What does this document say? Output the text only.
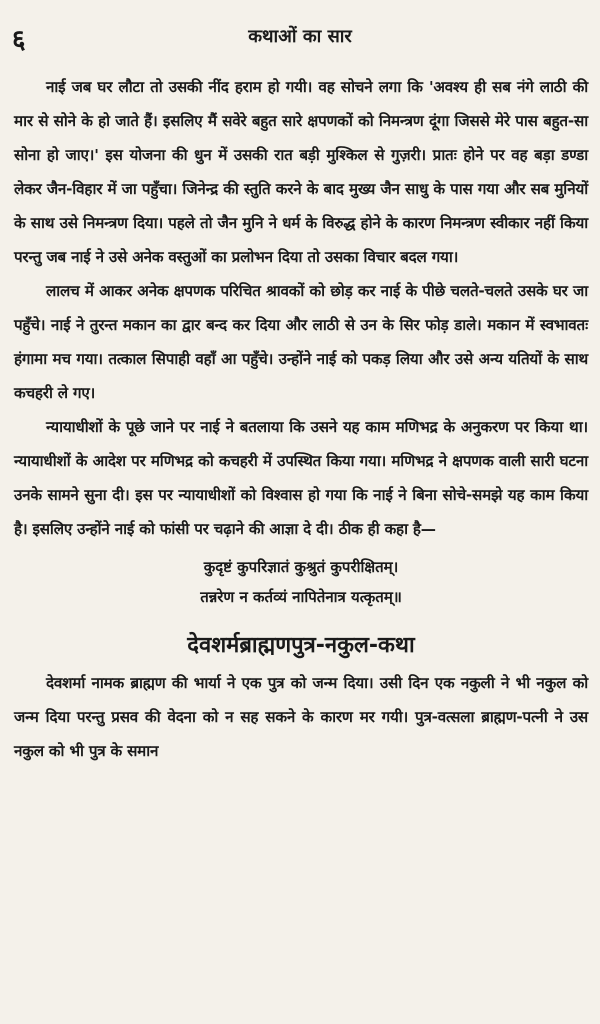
६	कथाओं का सार

नाई जब घर लौटा तो उसकी नींद हराम हो गयी। वह सोचने लगा कि 'अवश्य ही सब नंगे लाठी की मार से सोने के हो जाते हैं। इसलिए मैं सवेरे बहुत सारे क्षपणकों को निमन्त्रण दूंगा जिससे मेरे पास बहुत-सा सोना हो जाए।' इस योजना की धुन में उसकी रात बड़ी मुश्किल से गुज़री। प्रातः होने पर वह बड़ा डण्डा लेकर जैन-विहार में जा पहुँचा। जिनेन्द्र की स्तुति करने के बाद मुख्य जैन साधु के पास गया और सब मुनियों के साथ उसे निमन्त्रण दिया। पहले तो जैन मुनि ने धर्म के विरुद्ध होने के कारण निमन्त्रण स्वीकार नहीं किया परन्तु जब नाई ने उसे अनेक वस्तुओं का प्रलोभन दिया तो उसका विचार बदल गया।

लालच में आकर अनेक क्षपणक परिचित श्रावकों को छोड़ कर नाई के पीछे चलते-चलते उसके घर जा पहुँचे। नाई ने तुरन्त मकान का द्वार बन्द कर दिया और लाठी से उन के सिर फोड़ डाले। मकान में स्वभावतः हंगामा मच गया। तत्काल सिपाही वहाँ आ पहुँचे। उन्होंने नाई को पकड़ लिया और उसे अन्य यतियों के साथ कचहरी ले गए।

न्यायाधीशों के पूछे जाने पर नाई ने बतलाया कि उसने यह काम मणिभद्र के अनुकरण पर किया था। न्यायाधीशों के आदेश पर मणिभद्र को कचहरी में उपस्थित किया गया। मणिभद्र ने क्षपणक वाली सारी घटना उनके सामने सुना दी। इस पर न्यायाधीशों को विश्वास हो गया कि नाई ने बिना सोचे-समझे यह काम किया है। इसलिए उन्होंने नाई को फांसी पर चढ़ाने की आज्ञा दे दी। ठीक ही कहा है—

कुदृष्टं कुपरिज्ञातं कुश्रुतं कुपरीक्षितम्।
तन्नरेण न कर्तव्यं नापितेनात्र यत्कृतम्॥
देवशर्मब्राह्मणपुत्र-नकुल-कथा

देवशर्मा नामक ब्राह्मण की भार्या ने एक पुत्र को जन्म दिया। उसी दिन एक नकुली ने भी नकुल को जन्म दिया परन्तु प्रसव की वेदना को न सह सकने के कारण मर गयी। पुत्र-वत्सला ब्राह्मण-पत्नी ने उस नकुल को भी पुत्र के समान
